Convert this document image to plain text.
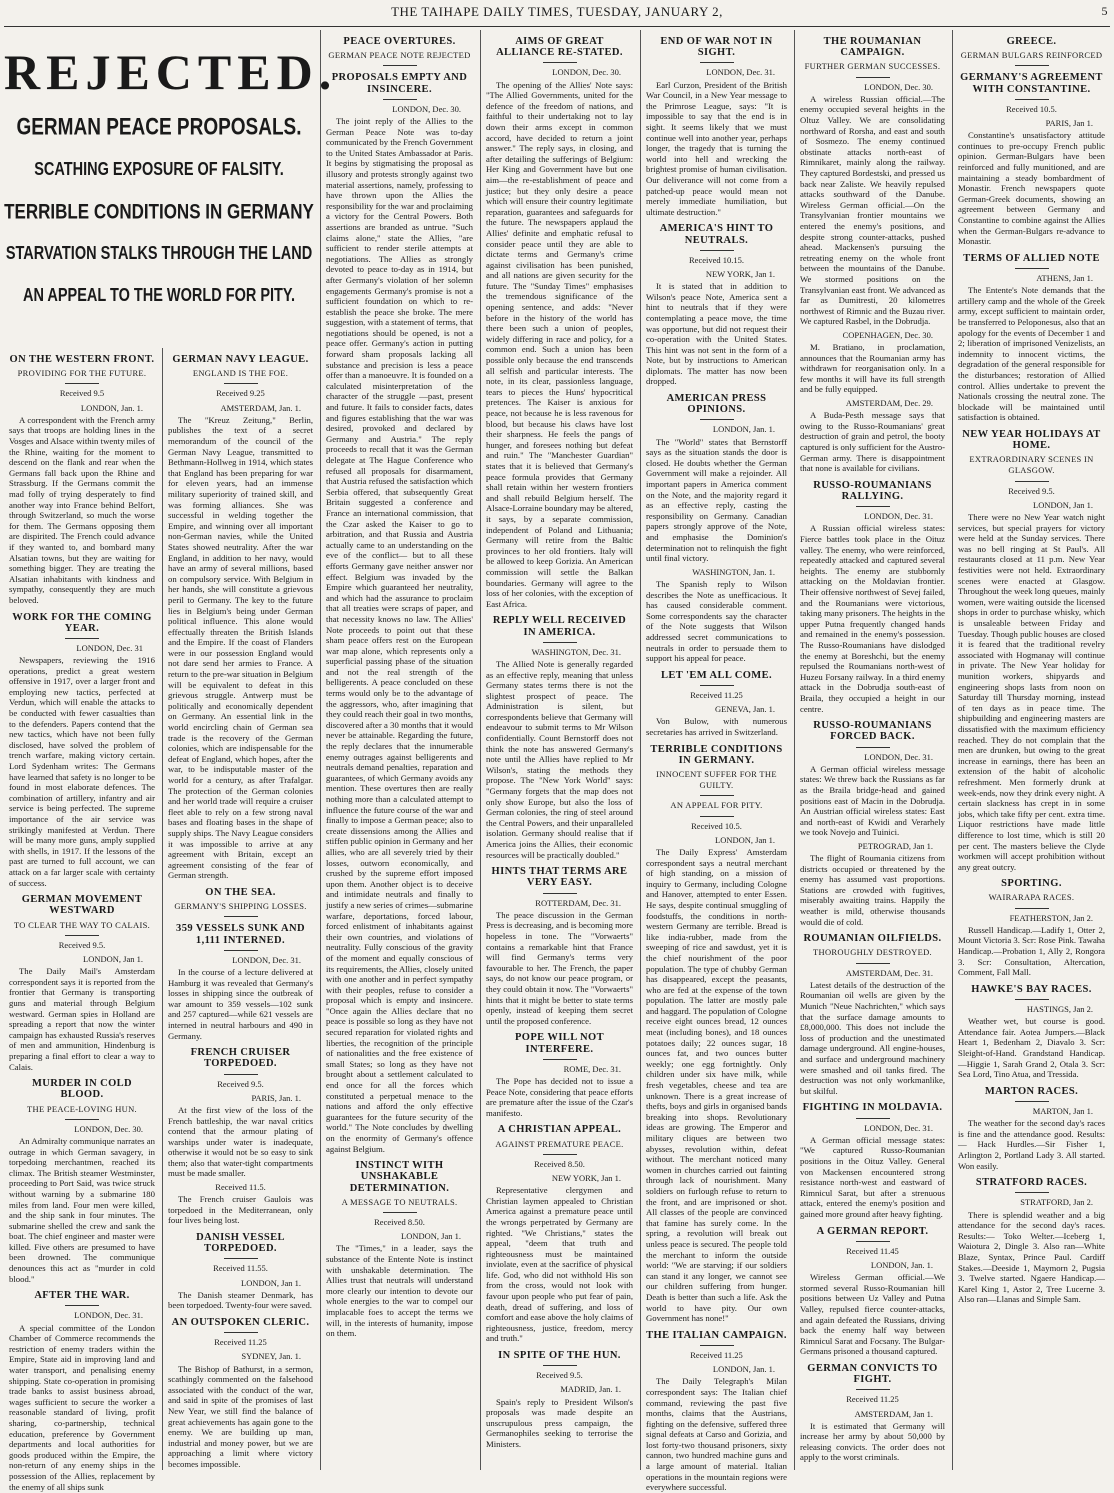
THE TAIHAPE DAILY TIMES, TUESDAY, JANUARY 2,	5
REJECTED.
GERMAN PEACE PROPOSALS.
SCATHING EXPOSURE OF FALSITY.
TERRIBLE CONDITIONS IN GERMANY
STARVATION STALKS THROUGH THE LAND
AN APPEAL TO THE WORLD FOR PITY.
ON THE WESTERN FRONT.
PROVIDING FOR THE FUTURE.
Received 9.5
LONDON, Jan. 1.
A correspondent with the French army says that troops are holding lines in the Vosges and Alsace within twenty miles of the Rhine, waiting for the moment to descend on the flank and rear when the Germans fall back upon the Rhine and Strassburg. If the Germans commit the mad folly of trying desperately to find another way into France behind Belfort, through Switzerland, so much the worse for them. The Germans opposing them are dispirited. The French could advance if they wanted to, and bombard many Alsatian towns, but they are waiting for something bigger. They are treating the Alsatian inhabitants with kindness and sympathy, consequently they are much beloved.
WORK FOR THE COMING YEAR.
LONDON, Dec. 31
Newspapers, reviewing the 1916 operations, predict a great western offensive in 1917, over a larger front and employing new tactics, perfected at Verdun, which will enable the attacks to be conducted with fewer casualties than to the defenders. Papers contend that the new tactics, which have not been fully disclosed, have solved the problem of trench warfare, making victory certain. Lord Sydenham writes: The Germans have learned that safety is no longer to be found in most elaborate defences. The combination of artillery, infantry and air service is being perfected. The supreme importance of the air service was strikingly manifested at Verdun. There will be many more guns, amply supplied with shells, in 1917. If the lessons of the past are turned to full account, we can attack on a far larger scale with certainty of success.
GERMAN MOVEMENT WESTWARD
TO CLEAR THE WAY TO CALAIS.
Received 9.5.
LONDON, Jan 1.
The Daily Mail's Amsterdam correspondent says it is reported from the frontier that Germany is transporting guns and material through Belgium westward. German spies in Holland are spreading a report that now the winter campaign has exhausted Russia's reserves of men and ammunition, Hindenburg is preparing a final effort to clear a way to Calais.
MURDER IN COLD BLOOD.
THE PEACE-LOVING HUN.
LONDON, Dec. 30.
An Admiralty communique narrates an outrage in which German savagery, in torpedoing merchantmen, reached its climax. The British steamer Westminster, proceeding to Port Said, was twice struck without warning by a submarine 180 miles from land. Four men were killed, and the ship sank in four minutes. The submarine shelled the crew and sank the boat. The chief engineer and master were killed. Five others are presumed to have been drowned. The communique denounces this act as "murder in cold blood."
AFTER THE WAR.
LONDON, Dec. 31.
A special committee of the London Chamber of Commerce recommends the restriction of enemy traders within the Empire, State aid in improving land and water transport, and penalising enemy shipping. State co-operation in promising trade banks to assist business abroad, wages sufficient to secure the worker a reasonable standard of living, profit sharing, co-partnership, technical education, preference by Government departments and local authorities for goods produced within the Empire, the non-return of any enemy ships in the possession of the Allies, replacement by the enemy of all ships sunk
GERMAN NAVY LEAGUE.
ENGLAND IS THE FOE.
Received 9.25
AMSTERDAM, Jan. 1.
The "Kreuz Zeitung," Berlin, publishes the text of a secret memorandum of the council of the German Navy League, transmitted to Bethmann-Hollweg in 1914, which states that England has been preparing for war for eleven years, had an immense military superiority of trained skill, and was forming alliances. She was successful in welding together the Empire, and winning over all important non-German navies, while the United States showed neutrality. After the war England, in addition to her navy, would have an army of several millions, based on compulsory service. With Belgium in her hands, she will constitute a grievous peril to Germany. The key to the future lies in Belgium's being under German political influence. This alone would effectually threaten the British Islands and the Empire. If the coast of Flanders were in our possession England would not dare send her armies to France. A return to the pre-war situation in Belgium will be equivalent to defeat in this grievous struggle. Antwerp must be politically and economically dependent on Germany. An essential link in the world encircling chain of German sea trade is the recovery of the German colonies, which are indispensable for the defeat of England, which hopes, after the war, to be indisputable master of the world for a century, as after Trafalgar. The protection of the German colonies and her world trade will require a cruiser fleet able to rely on a few strong naval bases and floating bases in the shape of supply ships. The Navy League considers it was impossible to arrive at any agreement with Britain, except an agreement consisting of the fear of German strength.
ON THE SEA.
GERMANY'S SHIPPING LOSSES.
359 VESSELS SUNK AND 1,111 INTERNED.
LONDON, Dec. 31.
In the course of a lecture delivered at Hamburg it was revealed that Germany's losses in shipping since the outbreak of war amount to 359 vessels—102 sunk and 257 captured—while 621 vessels are interned in neutral harbours and 490 in Germany.
FRENCH CRUISER TORPEDOED.
Received 9.5.
PARIS, Jan. 1.
At the first view of the loss of the French battleship, the war naval critics contend that the armour plating of warships under water is inadequate, otherwise it would not be so easy to sink them; also that water-tight compartments must be made smaller.
Received 11.5.
The French cruiser Gaulois was torpedoed in the Mediterranean, only four lives being lost.
DANISH VESSEL TORPEDOED.
Received 11.55.
LONDON, Jan 1.
The Danish steamer Denmark, has been torpedoed. Twenty-four were saved.
AN OUTSPOKEN CLERIC.
Received 11.25
SYDNEY, Jan. 1.
The Bishop of Bathurst, in a sermon, scathingly commented on the falsehood associated with the conduct of the war, and said in spite of the promises of last New Year, we still find the balance of great achievements has again gone to the enemy. We are building up man, industrial and money power, but we are approaching a limit where victory becomes impossible.
PEACE OVERTURES.
GERMAN PEACE NOTE REJECTED
PROPOSALS EMPTY AND INSINCERE.
LONDON, Dec. 30.
The joint reply of the Allies to the German Peace Note was to-day communicated by the French Government to the United States Ambassador at Paris. It begins by stigmatising the proposal as illusory and protests strongly against two material assertions, namely, professing to have thrown upon the Allies the responsibility for the war and proclaiming a victory for the Central Powers. Both assertions are branded as untrue. "Such claims alone," state the Allies, "are sufficient to render sterile attempts at negotiations. The Allies as strongly devoted to peace to-day as in 1914, but after Germany's violation of her solemn engagements Germany's promise is not a sufficient foundation on which to re-establish the peace she broke. The mere suggestion, with a statement of terms, that negotiations should be opened, is not a peace offer. Germany's action in putting forward sham proposals lacking all substance and precision is less a peace offer than a manoeuvre. It is founded on a calculated misinterpretation of the character of the struggle —past, present and future. It fails to consider facts, dates and figures establishing that the war was desired, provoked and declared by Germany and Austria." The reply proceeds to recall that it was the German delegate at The Hague Conference who refused all proposals for disarmament, that Austria refused the satisfaction which Serbia offered, that subsequently Great Britain suggested a conference and France an international commission, that the Czar asked the Kaiser to go to arbitration, and that Russia and Austria actually came to an understanding on the eve of the conflict— but to all these efforts Germany gave neither answer nor effect. Belgium was invaded by the Empire which guaranteed her neutrality, and which had the assurance to proclaim that all treaties were scraps of paper, and that necessity knows no law. The Allies' Note proceeds to point out that these sham peace offers rest on the European war map alone, which represents only a superficial passing phase of the situation and not the real strength of the belligerents. A peace concluded on these terms would only be to the advantage of the aggressors, who, after imagining that they could reach their goal in two months, discovered after a 30 months that it would never be attainable. Regarding the future, the reply declares that the innumerable enemy outrages against belligerents and neutrals demand penalties, reparation and guarantees, of which Germany avoids any mention. These overtures then are really nothing more than a calculated attempt to influence the future course of the war and finally to impose a German peace; also to create dissensions among the Allies and stiffen public opinion in Germany and her allies, who are all severely tried by their losses, outworn economically, and crushed by the supreme effort imposed upon them. Another object is to deceive and intimidate neutrals and finally to justify a new series of crimes—submarine warfare, deportations, forced labour, forced enlistment of inhabitants against their own countries, and violations of neutrality. Fully conscious of the gravity of the moment and equally conscious of its requirements, the Allies, closely united with one another and in perfect sympathy with their peoples, refuse to consider a proposal which is empty and insincere. "Once again the Allies declare that no peace is possible so long as they have not secured reparation for violated rights and liberties, the recognition of the principle of nationalities and the free existence of small States; so long as they have not brought about a settlement calculated to end once for all the forces which constituted a perpetual menace to the nations and afford the only effective guarantees for the future security of the world." The Note concludes by dwelling on the enormity of Germany's offence against Belgium.
INSTINCT WITH UNSHAKABLE DETERMINATION.
A MESSAGE TO NEUTRALS.
Received 8.50.
LONDON, Jan 1.
The "Times," in a leader, says the substance of the Entente Note is instinct with unshakable determination. The Allies trust that neutrals will understand more clearly our intention to devote our whole energies to the war to compel our implacable foes to accept the terms we will, in the interests of humanity, impose on them.
AIMS OF GREAT ALLIANCE RE-STATED.
LONDON, Dec. 30.
The opening of the Allies' Note says: "The Allied Governments, united for the defence of the freedom of nations, and faithful to their undertaking not to lay down their arms except in common accord, have decided to return a joint answer." The reply says, in closing, and after detailing the sufferings of Belgium: Her King and Government have but one aim—the re-establishment of peace and justice; but they only desire a peace which will ensure their country legitimate reparation, guarantees and safeguards for the future. The newspapers applaud the Allies' definite and emphatic refusal to consider peace until they are able to dictate terms and Germany's crime against civilisation has been punished, and all nations are given security for the future. The "Sunday Times" emphasises the tremendous significance of the opening sentence, and adds: "Never before in the history of the world has there been such a union of peoples, widely differing in race and policy, for a common end. Such a union has been possible only because the end transcends all selfish and particular interests. The note, in its clear, passionless language, tears to pieces the Huns' hypocritical pretences. The Kaiser is anxious for peace, not because he is less ravenous for blood, but because his claws have lost their sharpness. He feels the pangs of hunger, and foresees nothing but defeat and ruin." The "Manchester Guardian" states that it is believed that Germany's peace formula provides that Germany shall retain within her western frontiers and shall rebuild Belgium herself. The Alsace-Lorraine boundary may be altered, it says, by a separate commission, independent of Poland and Lithuania; Germany will retire from the Baltic provinces to her old frontiers. Italy will be allowed to keep Gorizia. An American commission will settle the Balkan boundaries. Germany will agree to the loss of her colonies, with the exception of East Africa.
REPLY WELL RECEIVED IN AMERICA.
WASHINGTON, Dec. 31.
The Allied Note is generally regarded as an effective reply, meaning that unless Germany states terms there is not the slightest prospect of peace. The Administration is silent, but correspondents believe that Germany will endeavour to submit terms to Mr Wilson confidentially. Count Bernstorff does not think the note has answered Germany's note until the Allies have replied to Mr Wilson's, stating the methods they propose. The "New York World" says: "Germany forgets that the map does not only show Europe, but also the loss of German colonies, the ring of steel around the Central Powers, and their unparalleled isolation. Germany should realise that if America joins the Allies, their economic resources will be practically doubled."
HINTS THAT TERMS ARE VERY EASY.
ROTTERDAM, Dec. 31.
The peace discussion in the German Press is decreasing, and is becoming more hopeless in tone. The "Vorwaerts" contains a remarkable hint that France will find Germany's terms very favourable to her. The French, the paper says, do not know our peace program, or they could obtain it now. The "Vorwaerts" hints that it might be better to state terms openly, instead of keeping them secret until the proposed conference.
POPE WILL NOT INTERFERE.
ROME, Dec. 31.
The Pope has decided not to issue a Peace Note, considering that peace efforts are premature after the issue of the Czar's manifesto.
A CHRISTIAN APPEAL.
AGAINST PREMATURE PEACE.
Received 8.50.
NEW YORK, Jan 1.
Representative clergymen and Christian laymen appealed to Christian America against a premature peace until the wrongs perpetrated by Germany are righted. "We Christians," states the appeal, "deem that truth and righteousness must be maintained inviolate, even at the sacrifice of physical life. God, who did not withhold His son from the cross, would not look with favour upon people who put fear of pain, death, dread of suffering, and loss of comfort and ease above the holy claims of righteousness, justice, freedom, mercy and truth."
IN SPITE OF THE HUN.
Received 9.5.
MADRID, Jan. 1.
Spain's reply to President Wilson's proposals was made despite an unscrupulous press campaign, the Germanophiles seeking to terrorise the Ministers.
END OF WAR NOT IN SIGHT.
LONDON, Dec. 31.
Earl Curzon, President of the British War Council, in a New Year message to the Primrose League, says: "It is impossible to say that the end is in sight. It seems likely that we must continue well into another year, perhaps longer, the tragedy that is turning the world into hell and wrecking the brightest promise of human civilisation. Our deliverance will not come from a patched-up peace would mean not merely immediate humiliation, but ultimate destruction."
AMERICA'S HINT TO NEUTRALS.
Received 10.15.
NEW YORK, Jan 1.
It is stated that in addition to Wilson's peace Note, America sent a hint to neutrals that if they were contemplating a peace move, the time was opportune, but did not request their co-operation with the United States. This hint was not sent in the form of a Note, but by instructions to American diplomats. The matter has now been dropped.
AMERICAN PRESS OPINIONS.
LONDON, Jan. 1.
The "World" states that Bernstorff says as the situation stands the door is closed. He doubts whether the German Government will make a rejoinder. All important papers in America comment on the Note, and the majority regard it as an effective reply, casting the responsibility on Germany. Canadian papers strongly approve of the Note, and emphasise the Dominion's determination not to relinquish the fight until final victory.
WASHINGTON, Jan. 1.
The Spanish reply to Wilson describes the Note as unefficacious. It has caused considerable comment. Some correspondents say the character of the Note suggests that Wilson addressed secret communications to neutrals in order to persuade them to support his appeal for peace.
LET 'EM ALL COME.
Received 11.25
GENEVA, Jan. 1.
Von Bulow, with numerous secretaries has arrived in Switzerland.
TERRIBLE CONDITIONS IN GERMANY.
INNOCENT SUFFER FOR THE GUILTY.
AN APPEAL FOR PITY.
Received 10.5.
LONDON, Jan 1.
The Daily Express' Amsterdam correspondent says a neutral merchant of high standing, on a mission of inquiry to Germany, including Cologne and Hanover, attempted to enter Essen. He says, despite continual smuggling of foodstuffs, the conditions in north-western Germany are terrible. Bread is like india-rubber, made from the sweeping of rice and sawdust, yet it is the chief nourishment of the poor population. The type of chubby German has disappeared, except the peasants, who are fed at the expense of the town population. The latter are mostly pale and haggard. The population of Cologne receive eight ounces bread, 12 ounces meat (including bones), and 18 ounces potatoes daily; 22 ounces sugar, 18 ounces fat, and two ounces butter weekly; one egg fortnightly. Only children under six have milk, while fresh vegetables, cheese and tea are unknown. There is a great increase of thefts, boys and girls in organised bands breaking into shops. Revolutionary ideas are growing. The Emperor and military cliques are between two abysses, revolution within, defeat without. The merchant noticed many women in churches carried out fainting through lack of nourishment. Many soldiers on furlough refuse to return to the front, and are imprisoned or shot. All classes of the people are convinced that famine has surely come. In the spring, a revolution will break out unless peace is secured. The people told the merchant to inform the outside world: "We are starving; if our soldiers can stand it any longer, we cannot see our children suffering from hunger. Death is better than such a life. Ask the world to have pity. Our own Government has none!"
THE ITALIAN CAMPAIGN.
Received 11.25
LONDON, Jan. 1.
The Daily Telegraph's Milan correspondent says: The Italian chief command, reviewing the past five months, claims that the Austrians, fighting on the defensive, suffered three signal defeats at Carso and Gorizia, and lost forty-two thousand prisoners, sixty cannon, two hundred machine guns and a large amount of material. Italian operations in the mountain regions were everywhere successful.
THE ROUMANIAN CAMPAIGN.
FURTHER GERMAN SUCCESSES.
LONDON, Dec. 30.
A wireless Russian official.—The enemy occupied several heights in the Oltuz Valley. We are consolidating northward of Rorsha, and east and south of Sosmezo. The enemy continued obstinate attacks north-east of Rimnikaret, mainly along the railway. They captured Bordestski, and pressed us back near Zaliste. We heavily repulsed attacks southward of the Danube. Wireless German official.—On the Transylvanian frontier mountains we entered the enemy's positions, and despite strong counter-attacks, pushed ahead. Mackensen's pursuing the retreating enemy on the whole front between the mountains of the Danube. We stormed positions on the Transylvanian east front. We advanced as far as Dumitresti, 20 kilometres northwest of Rimnic and the Buzau river. We captured Rasbel, in the Dobrudja.
COPENHAGEN, Dec. 30.
M. Bratiano, in proclamation, announces that the Roumanian army has withdrawn for reorganisation only. In a few months it will have its full strength and be fully equipped.
AMSTERDAM, Dec. 29.
A Buda-Pesth message says that owing to the Russo-Roumanians' great destruction of grain and petrol, the booty captured is only sufficient for the Austro-German army. There is disappointment that none is available for civilians.
RUSSO-ROUMANIANS RALLYING.
LONDON, Dec. 31.
A Russian official wireless states: Fierce battles took place in the Oituz valley. The enemy, who were reinforced, repeatedly attacked and captured several heights. The enemy are stubbornly attacking on the Moldavian frontier. Their offensive northwest of Sevej failed, and the Roumanians were victorious, taking many prisoners. The heights in the upper Putna frequently changed hands and remained in the enemy's possession. The Russo-Roumanians have dislodged the enemy at Boreshchi, but the enemy repulsed the Roumanians north-west of Huzeu Forsany railway. In a third enemy attack in the Dobrudja south-east of Braila, they occupied a height in our centre.
RUSSO-ROUMANIANS FORCED BACK.
LONDON, Dec. 31.
A German official wireless message states: We threw back the Russians as far as the Braila bridge-head and gained positions east of Macin in the Dobrudja. An Austrian official wireless states: East and north-east of Kwidi and Verarhely we took Novejo and Tuinici.
PETROGRAD, Jan 1.
The flight of Roumania citizens from districts occupied or threatened by the enemy has assumed vast proportions. Stations are crowded with fugitives, miserably awaiting trains. Happily the weather is mild, otherwise thousands would die of cold.
ROUMANIAN OILFIELDS.
THOROUGHLY DESTROYED.
AMSTERDAM, Dec. 31.
Latest details of the destruction of the Roumanian oil wells are given by the Munich "Neue Nachrichten," which says that the surface damage amounts to £8,000,000. This does not include the loss of production and the unestimated damage underground. All engine-houses, and surface and underground machinery were smashed and oil tanks fired. The destruction was not only workmanlike, but skilful.
FIGHTING IN MOLDAVIA.
LONDON, Dec. 31.
A German official message states: "We captured Russo-Roumanian positions in the Oituz Valley. General von Mackensen encountered strong resistance north-west and eastward of Rimnicul Sarat, but after a strenuous attack, entered the enemy's position and gained more ground after heavy fighting.
A GERMAN REPORT.
Received 11.45
LONDON, Jan. 1.
Wireless German official.—We stormed several Russo-Roumanian hill positions between Uz Valley and Putna Valley, repulsed fierce counter-attacks, and again defeated the Russians, driving back the enemy half way between Rimnicul Sarat and Focsany. The Bulgar-Germans prisoned a thousand captured.
GERMAN CONVICTS TO FIGHT.
Received 11.25
AMSTERDAM, Jan 1.
It is estimated that Germany will increase her army by about 50,000 by releasing convicts. The order does not apply to the worst criminals.
GREECE.
GERMAN BULGARS REINFORCED
GERMANY'S AGREEMENT WITH CONSTANTINE.
Received 10.5.
PARIS, Jan 1.
Constantine's unsatisfactory attitude continues to pre-occupy French public opinion. German-Bulgars have been reinforced and fully munitioned, and are maintaining a steady bombardment of Monastir. French newspapers quote German-Greek documents, showing an agreement between Germany and Constantine to combine against the Allies when the German-Bulgars re-advance to Monastir.
TERMS OF ALLIED NOTE
ATHENS, Jan 1.
The Entente's Note demands that the artillery camp and the whole of the Greek army, except sufficient to maintain order, be transferred to Peloponesus, also that an apology for the events of December 1 and 2; liberation of imprisoned Venizelists, an indemnity to innocent victims, the degradation of the general responsible for the disturbances; restoration of Allied control. Allies undertake to prevent the Nationals crossing the neutral zone. The blockade will be maintained until satisfaction is obtained.
NEW YEAR HOLIDAYS AT HOME.
EXTRAORDINARY SCENES IN GLASGOW.
Received 9.5.
LONDON, Jan 1.
There were no New Year watch night services, but special prayers for victory were held at the Sunday services. There was no bell ringing at St Paul's. All restaurants closed at 11 p.m. New Year festivities were not held. Extraordinary scenes were enacted at Glasgow. Throughout the week long queues, mainly women, were waiting outside the licensed shops in order to purchase whisky, which is unsaleable between Friday and Tuesday. Though public houses are closed it is feared that the traditional revelry associated with Hogmanay will continue in private. The New Year holiday for munition workers, shipyards and engineering shops lasts from noon on Saturday till Thursday morning, instead of ten days as in peace time. The shipbuilding and engineering masters are dissatisfied with the maximum efficiency reached. They do not complain that the men are drunken, but owing to the great increase in earnings, there has been an extension of the habit of alcoholic refreshment. Men formerly drunk at week-ends, now they drink every night. A certain slackness has crept in in some jobs, which take fifty per cent. extra time. Liquor restrictions have made little difference to lost time, which is still 20 per cent. The masters believe the Clyde workmen will accept prohibition without any great outcry.
SPORTING.
WAIRARAPA RACES.
FEATHERSTON, Jan 2.
Russell Handicap.—Ladify 1, Otter 2, Mount Victoria 3. Scr: Rose Pink. Tawaha Handicap.—Probation 1, Ally 2, Rongora 3. Scr: Consultation, Altercation, Comment, Fall Mall.
HAWKE'S BAY RACES.
HASTINGS, Jan 2.
Weather wet, but course is good. Attendance fair. Aotea Jumpers.—Black Heart 1, Bedenham 2, Diavalo 3. Scr: Sleight-of-Hand. Grandstand Handicap.—Higgie 1, Sarah Grand 2, Otala 3. Scr: Sea Lord, Tino Atua, and Tressida.
MARTON RACES.
MARTON, Jan 1.
The weather for the second day's races is fine and the attendance good. Results:— Hack Hurdles.—Sir Fisher 1, Arlington 2, Portland Lady 3. All started. Won easily.
STRATFORD RACES.
STRATFORD, Jan 2.
There is splendid weather and a big attendance for the second day's races. Results:— Toko Welter.—Iceberg 1, Waiotura 2, Dingle 3. Also ran—White Blaze, Syntax, Prince Paul. Cardiff Stakes.—Deeside 1, Maymorn 2, Pugsia 3. Twelve started. Ngaere Handicap.—Karel King 1, Astor 2, Tree Lucerne 3. Also ran—Llanas and Simple Sam.
